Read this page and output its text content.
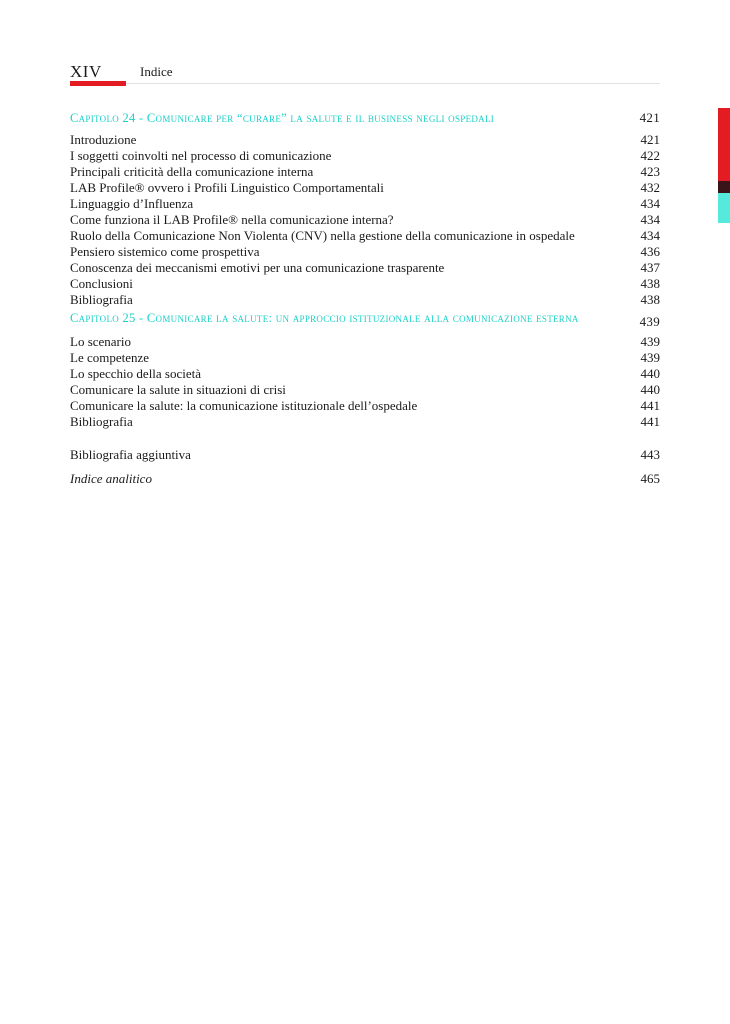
XIV	Indice
Capitolo 24 - Comunicare per “curare” la salute e il business negli ospedali	421
Introduzione	421
I soggetti coinvolti nel processo di comunicazione	422
Principali criticità della comunicazione interna	423
LAB Profile® ovvero i Profili Linguistico Comportamentali	432
Linguaggio d’Influenza	434
Come funziona il LAB Profile® nella comunicazione interna?	434
Ruolo della Comunicazione Non Violenta (CNV) nella gestione della comunicazione in ospedale	434
Pensiero sistemico come prospettiva	436
Conoscenza dei meccanismi emotivi per una comunicazione trasparente	437
Conclusioni	438
Bibliografia	438
Capitolo 25 - Comunicare la salute: un approccio istituzionale alla comunicazione esterna	439
Lo scenario	439
Le competenze	439
Lo specchio della società	440
Comunicare la salute in situazioni di crisi	440
Comunicare la salute: la comunicazione istituzionale dell’ospedale	441
Bibliografia	441
Bibliografia aggiuntiva	443
Indice analitico	465
